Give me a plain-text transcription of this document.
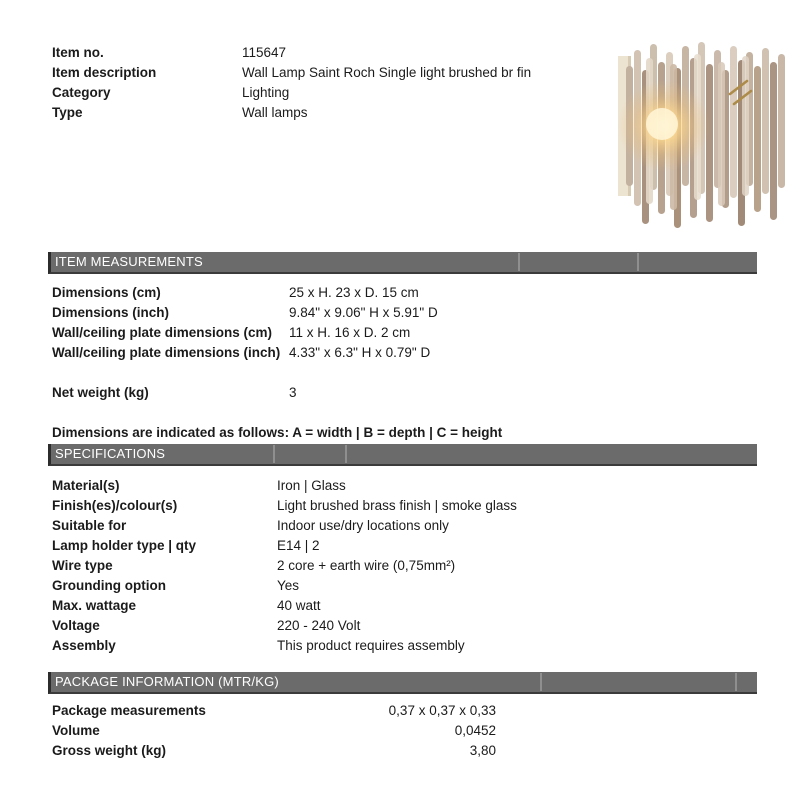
Item no.	115647
Item description	Wall Lamp Saint Roch Single light brushed br fin
Category	Lighting
Type	Wall lamps
ITEM MEASUREMENTS
Dimensions (cm)	25 x H. 23 x D. 15 cm
Dimensions (inch)	9.84" x 9.06" H x 5.91" D
Wall/ceiling plate dimensions (cm)	11 x H. 16 x D. 2 cm
Wall/ceiling plate dimensions (inch) 4.33" x 6.3" H x 0.79" D
Net weight (kg)	3
Dimensions are indicated as follows: A = width | B = depth | C = height
SPECIFICATIONS
Material(s)	Iron | Glass
Finish(es)/colour(s)	Light brushed brass finish | smoke glass
Suitable for	Indoor use/dry locations only
Lamp holder type | qty	E14 | 2
Wire type	2 core + earth wire (0,75mm²)
Grounding option	Yes
Max. wattage	40 watt
Voltage	220 - 240 Volt
Assembly	This product requires assembly
PACKAGE INFORMATION (MTR/KG)
Package measurements	0,37 x 0,37 x 0,33
Volume	0,0452
Gross weight (kg)	3,80
